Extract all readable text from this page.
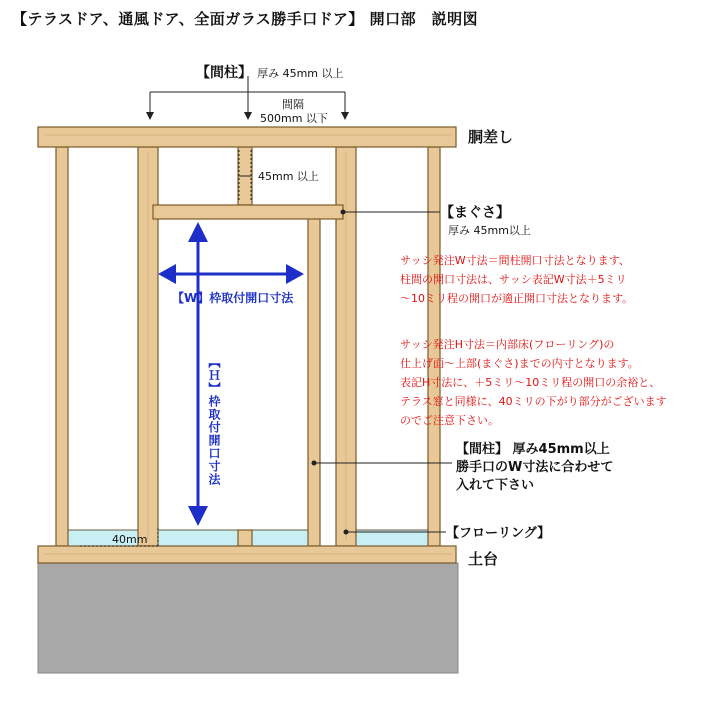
【テラスドア、通風ドア、全面ガラス勝手口ドア】 開口部　説明図
【間柱】 厚み 45mm 以上
間隔
500mm 以下
胴差し
45mm 以上
【まぐさ】
厚み 45mm以上
サッシ発注W寸法＝間柱開口寸法となります、
柱間の開口寸法は、サッシ表記W寸法＋5ミリ
～10ミリ程の開口が適正開口寸法となります。
サッシ発注H寸法＝内部床(フローリング)の
仕上げ面～上部(まぐさ)までの内寸となります。
表記H寸法に、＋5ミリ～10ミリ程の開口の余裕と、
テラス窓と同様に、40ミリの下がり部分がございます
のでご注意下さい。
【W】枠取付開口寸法
【Ｈ】枠取付開口寸法	【間柱】 厚み45mm以上
勝手口のW寸法に合わせて
入れて下さい
【フローリング】
40mm
土台
